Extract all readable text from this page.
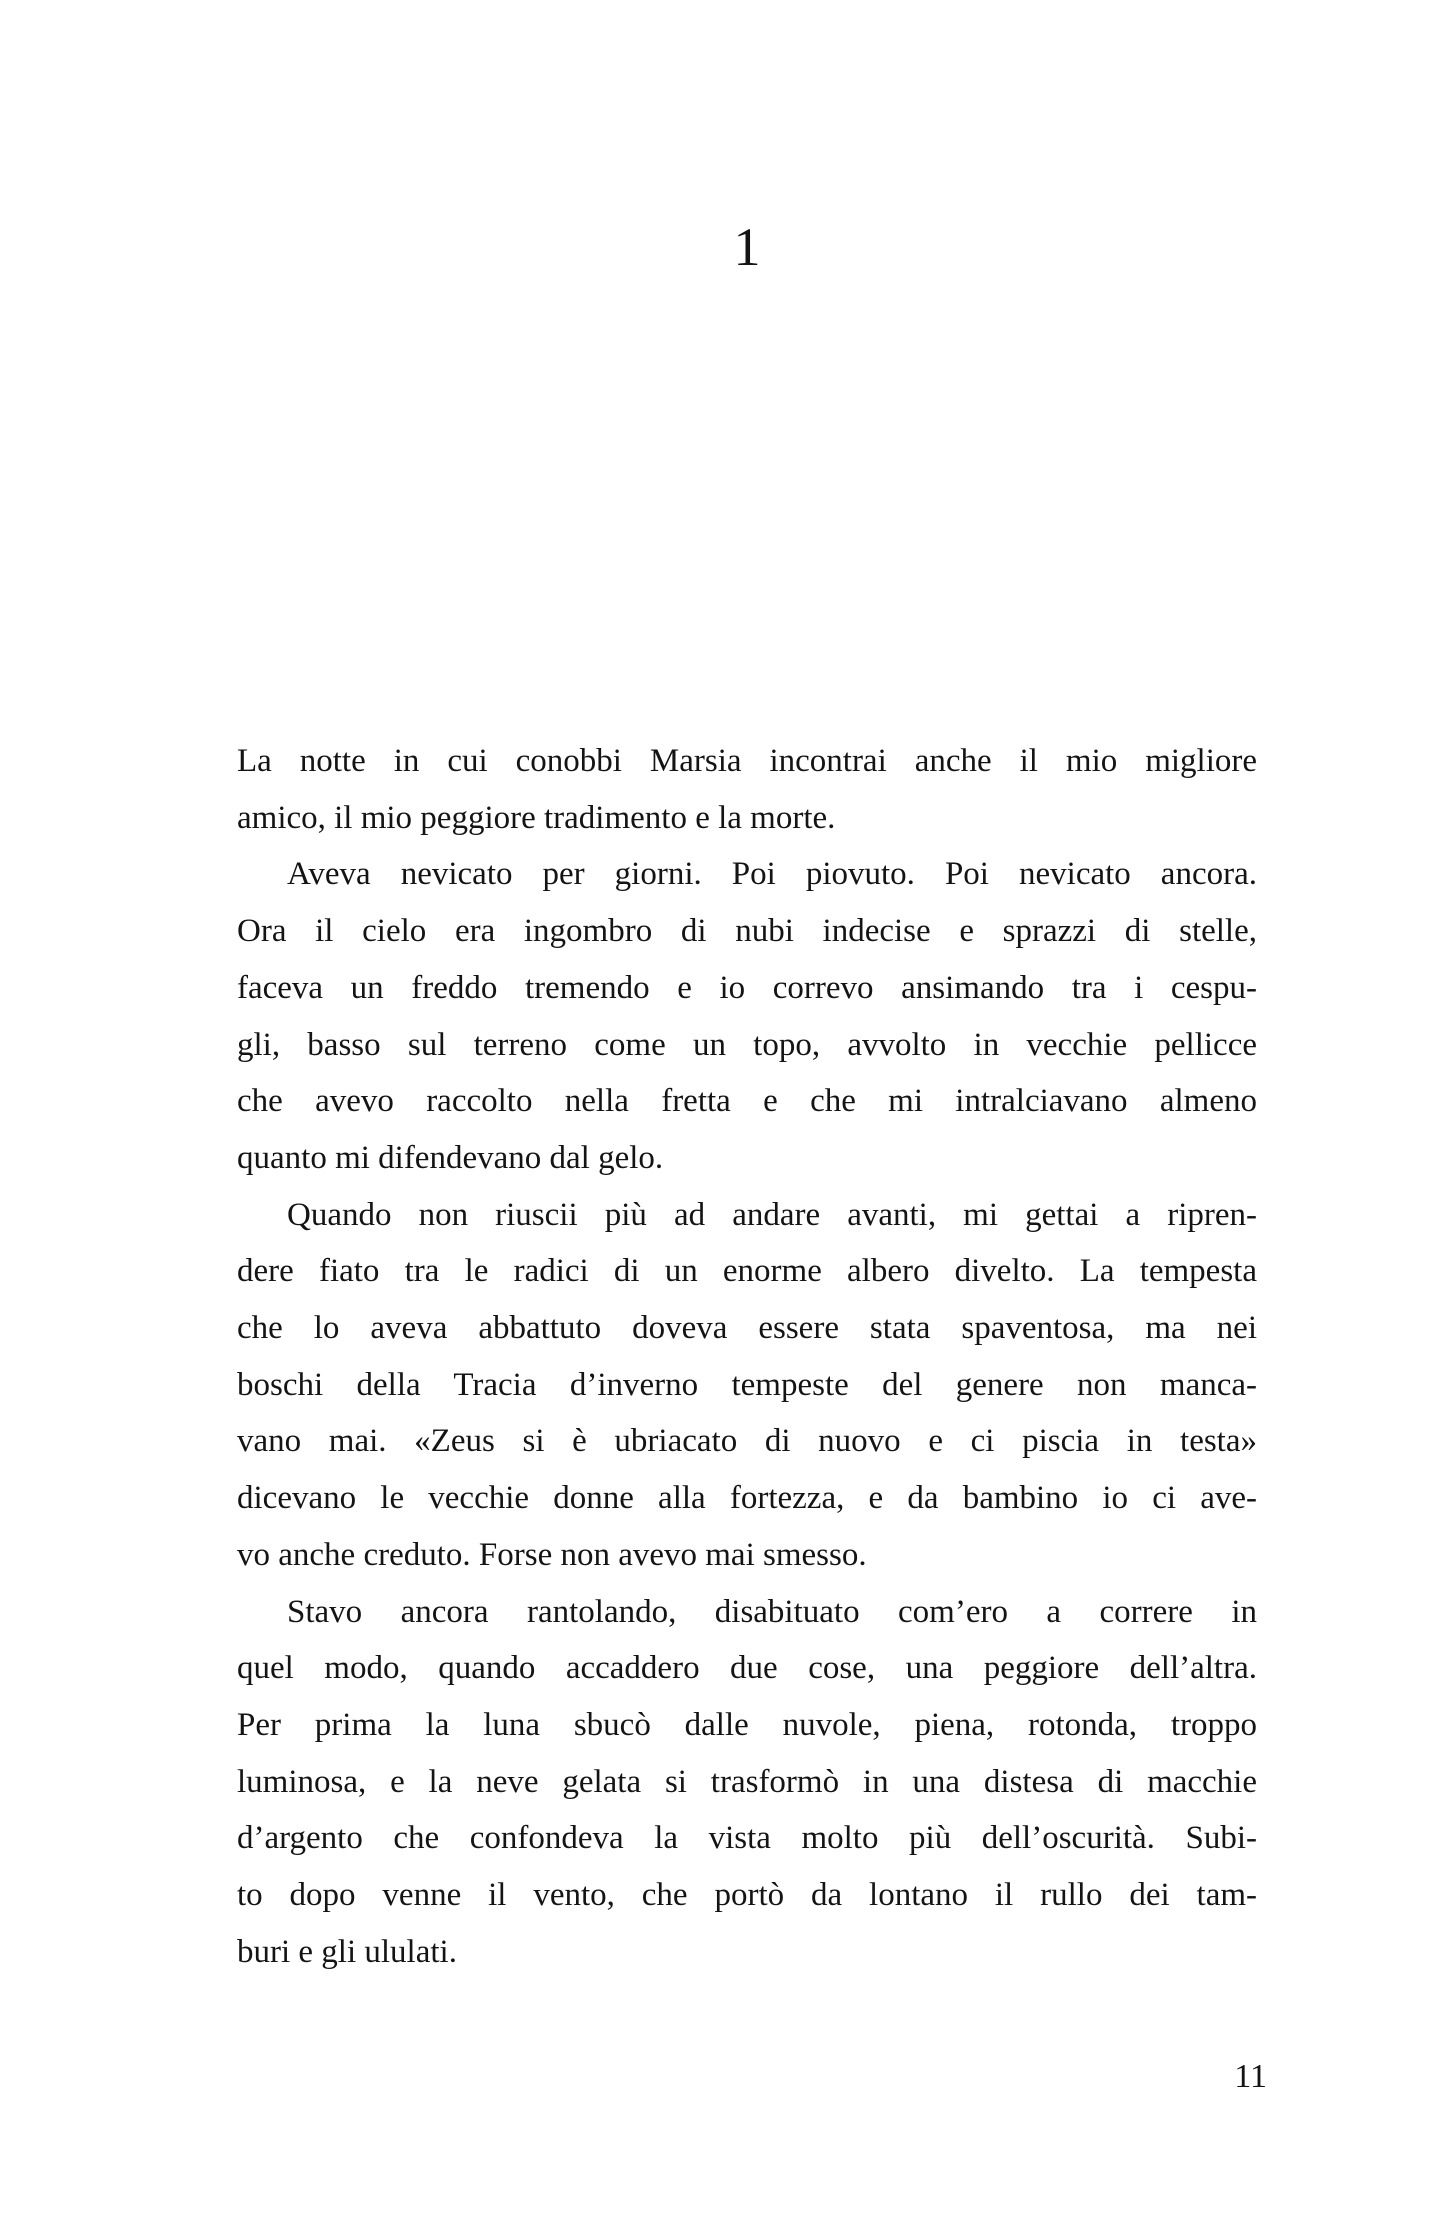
1
La notte in cui conobbi Marsia incontrai anche il mio migliore
amico, il mio peggiore tradimento e la morte.
Aveva nevicato per giorni. Poi piovuto. Poi nevicato ancora.
Ora il cielo era ingombro di nubi indecise e sprazzi di stelle,
faceva un freddo tremendo e io correvo ansimando tra i cespu-
gli, basso sul terreno come un topo, avvolto in vecchie pellicce
che avevo raccolto nella fretta e che mi intralciavano almeno
quanto mi difendevano dal gelo.
Quando non riuscii più ad andare avanti, mi gettai a ripren-
dere fiato tra le radici di un enorme albero divelto. La tempesta
che lo aveva abbattuto doveva essere stata spaventosa, ma nei
boschi della Tracia d’inverno tempeste del genere non manca-
vano mai. «Zeus si è ubriacato di nuovo e ci piscia in testa»
dicevano le vecchie donne alla fortezza, e da bambino io ci ave-
vo anche creduto. Forse non avevo mai smesso.
Stavo ancora rantolando, disabituato com’ero a correre in
quel modo, quando accaddero due cose, una peggiore dell’altra.
Per prima la luna sbucò dalle nuvole, piena, rotonda, troppo
luminosa, e la neve gelata si trasformò in una distesa di macchie
d’argento che confondeva la vista molto più dell’oscurità. Subi-
to dopo venne il vento, che portò da lontano il rullo dei tam-
buri e gli ululati.
11
